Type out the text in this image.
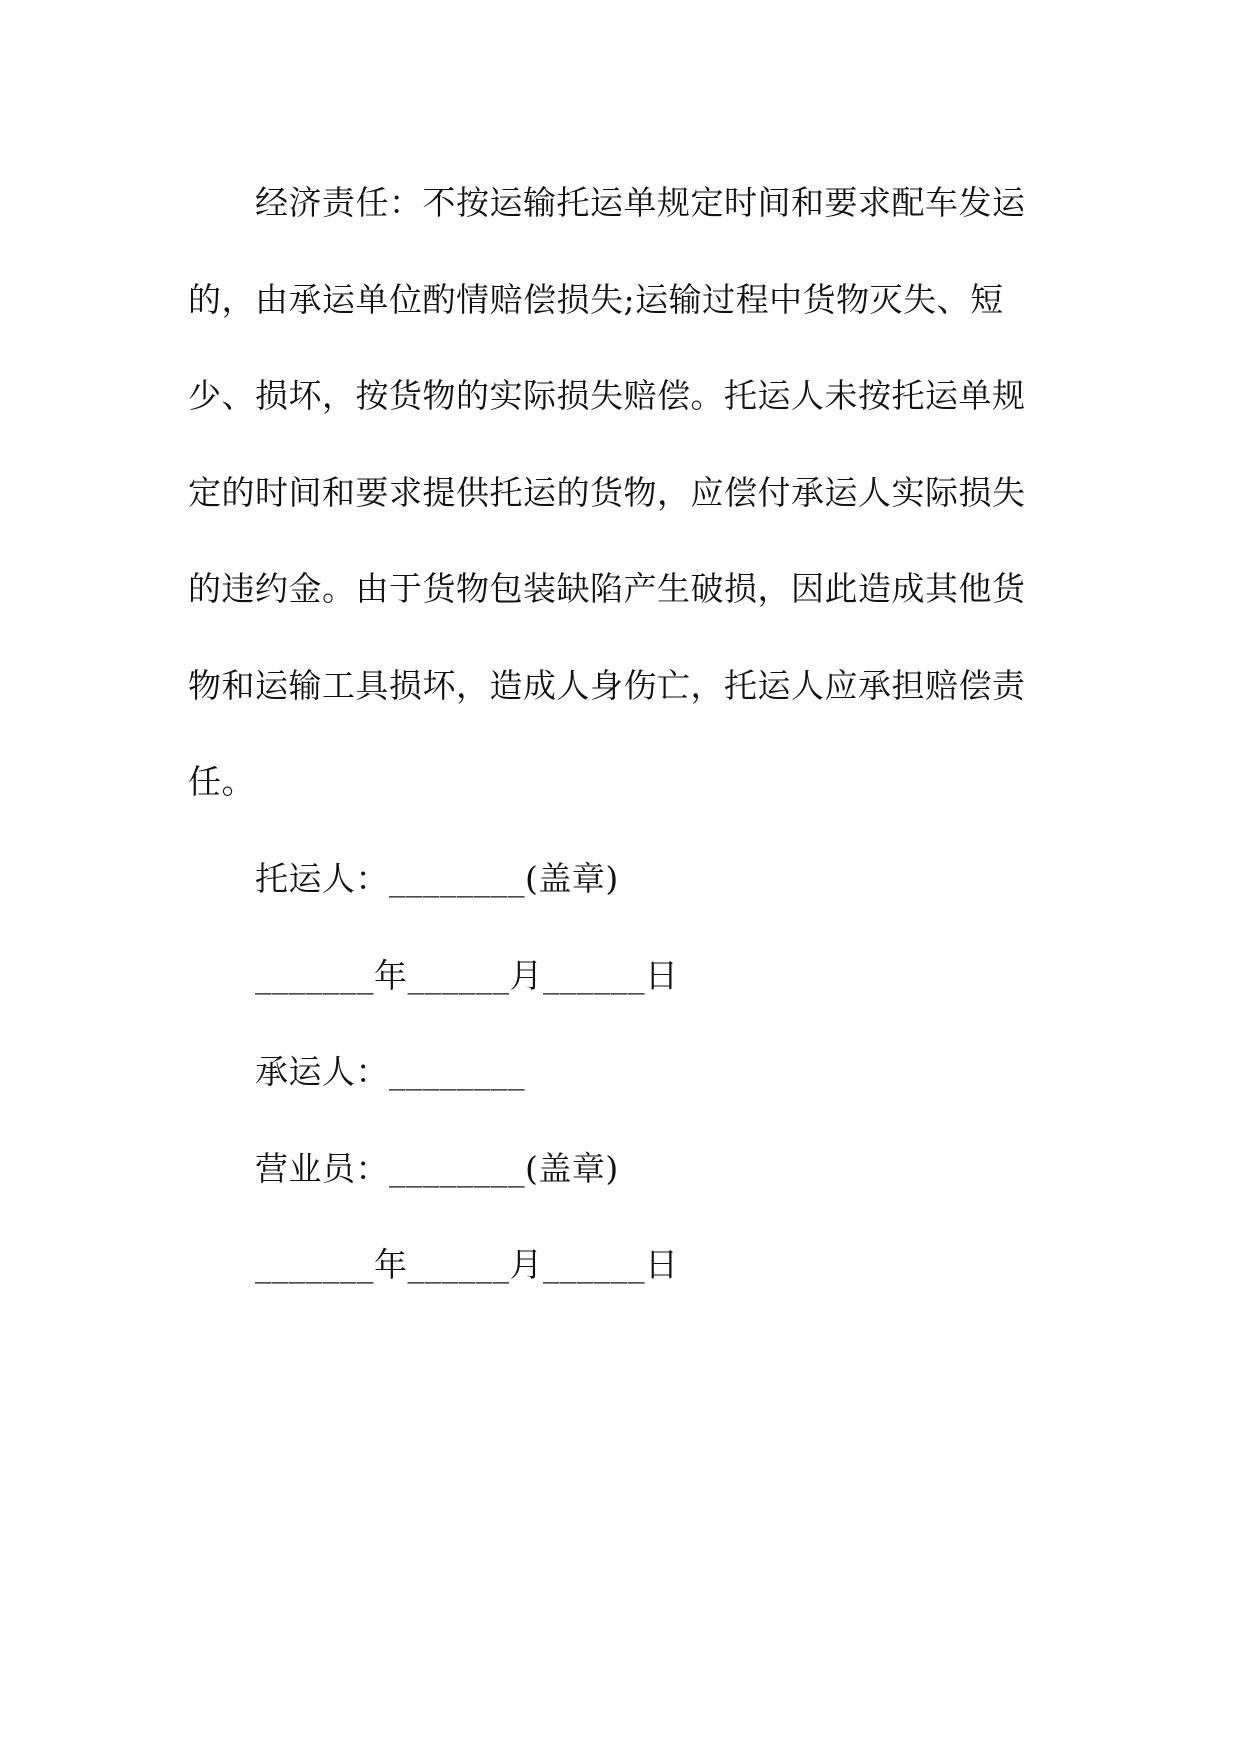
经济责任：不按运输托运单规定时间和要求配车发运
的，由承运单位酌情赔偿损失;运输过程中货物灭失、短
少、损坏，按货物的实际损失赔偿。托运人未按托运单规
定的时间和要求提供托运的货物，应偿付承运人实际损失
的违约金。由于货物包装缺陷产生破损，因此造成其他货
物和运输工具损坏，造成人身伤亡，托运人应承担赔偿责
任。
托运人：________(盖章)
_______年______月______日
承运人：________
营业员：________(盖章)
_______年______月______日
